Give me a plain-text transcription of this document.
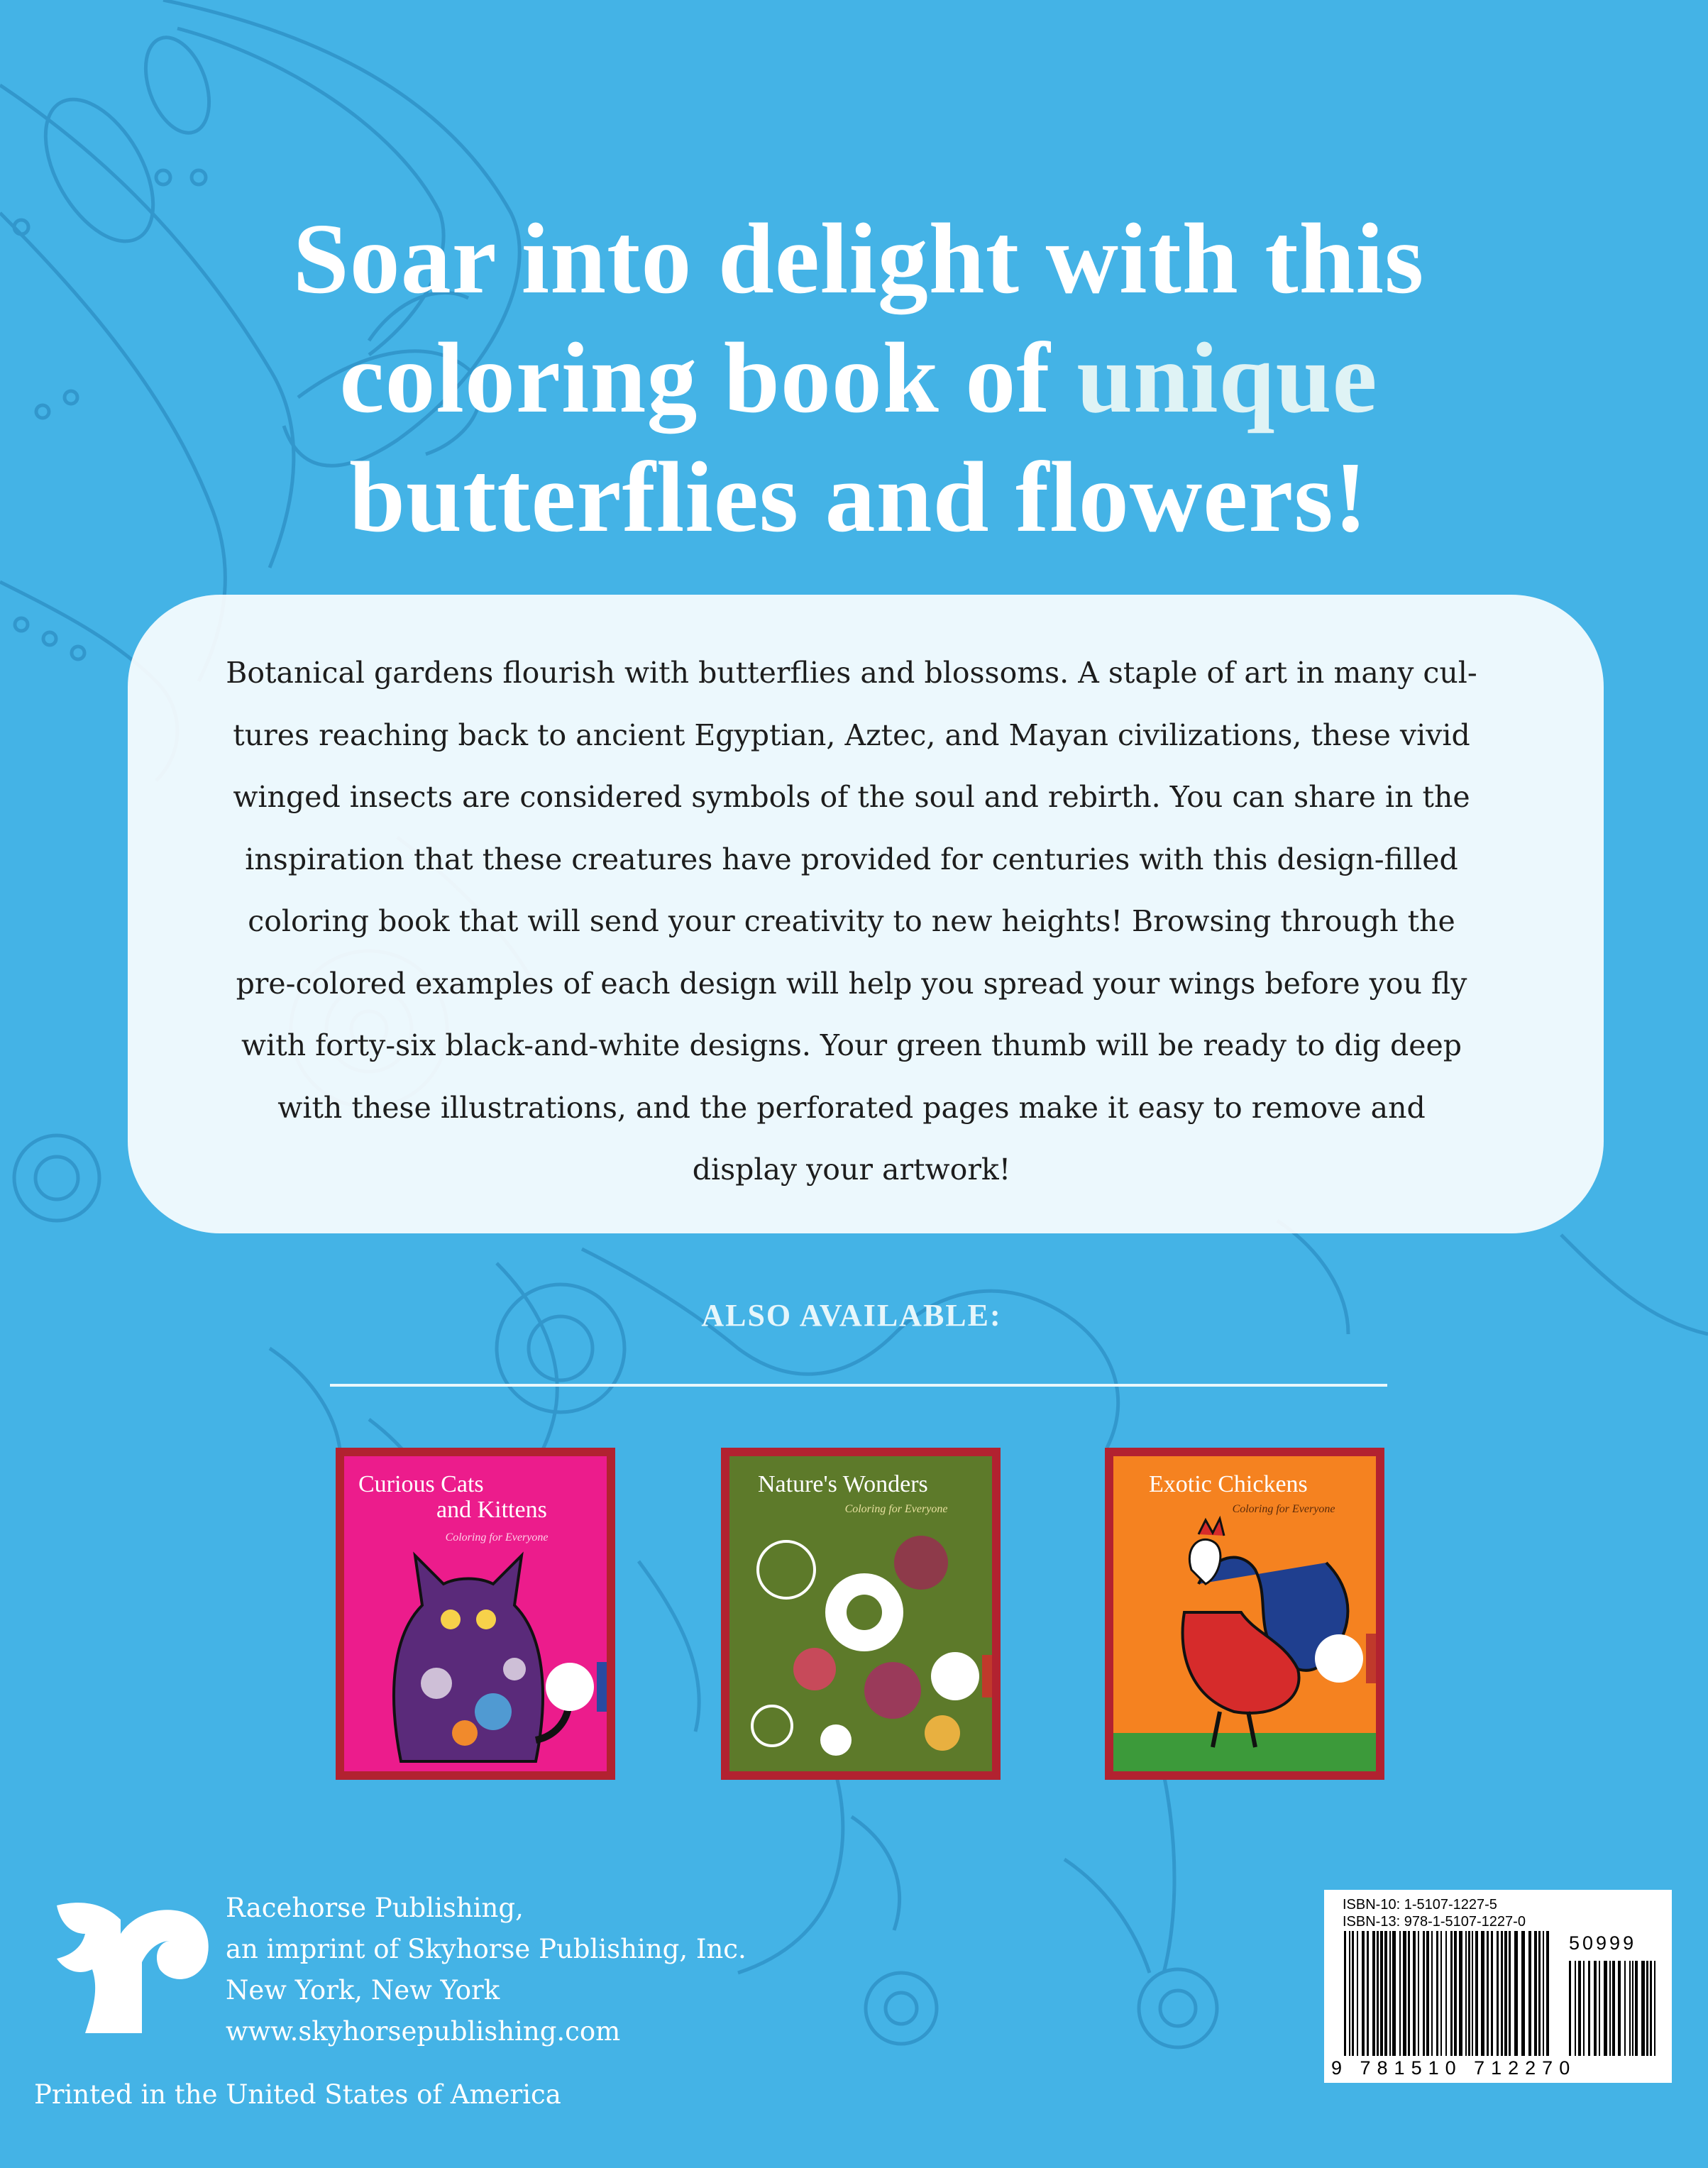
Soar into delight with this
coloring book of unique
butterflies and flowers!
Botanical gardens flourish with butterflies and blossoms. A staple of art in many cul-
tures reaching back to ancient Egyptian, Aztec, and Mayan civilizations, these vivid
winged insects are considered symbols of the soul and rebirth. You can share in the
inspiration that these creatures have provided for centuries with this design-filled
coloring book that will send your creativity to new heights! Browsing through the
pre-colored examples of each design will help you spread your wings before you fly
with forty-six black-and-white designs. Your green thumb will be ready to dig deep
with these illustrations, and the perforated pages make it easy to remove and
display your artwork!
ALSO AVAILABLE:
Curious Cats
and Kittens
Coloring for Everyone
Nature's Wonders
Coloring for Everyone
Exotic Chickens
Coloring for Everyone
Racehorse Publishing,
an imprint of Skyhorse Publishing, Inc.
New York, New York
www.skyhorsepublishing.com
Printed in the United States of America
ISBN-10: 1-5107-1227-5
ISBN-13: 978-1-5107-1227-0
50999
9 781510 712270
